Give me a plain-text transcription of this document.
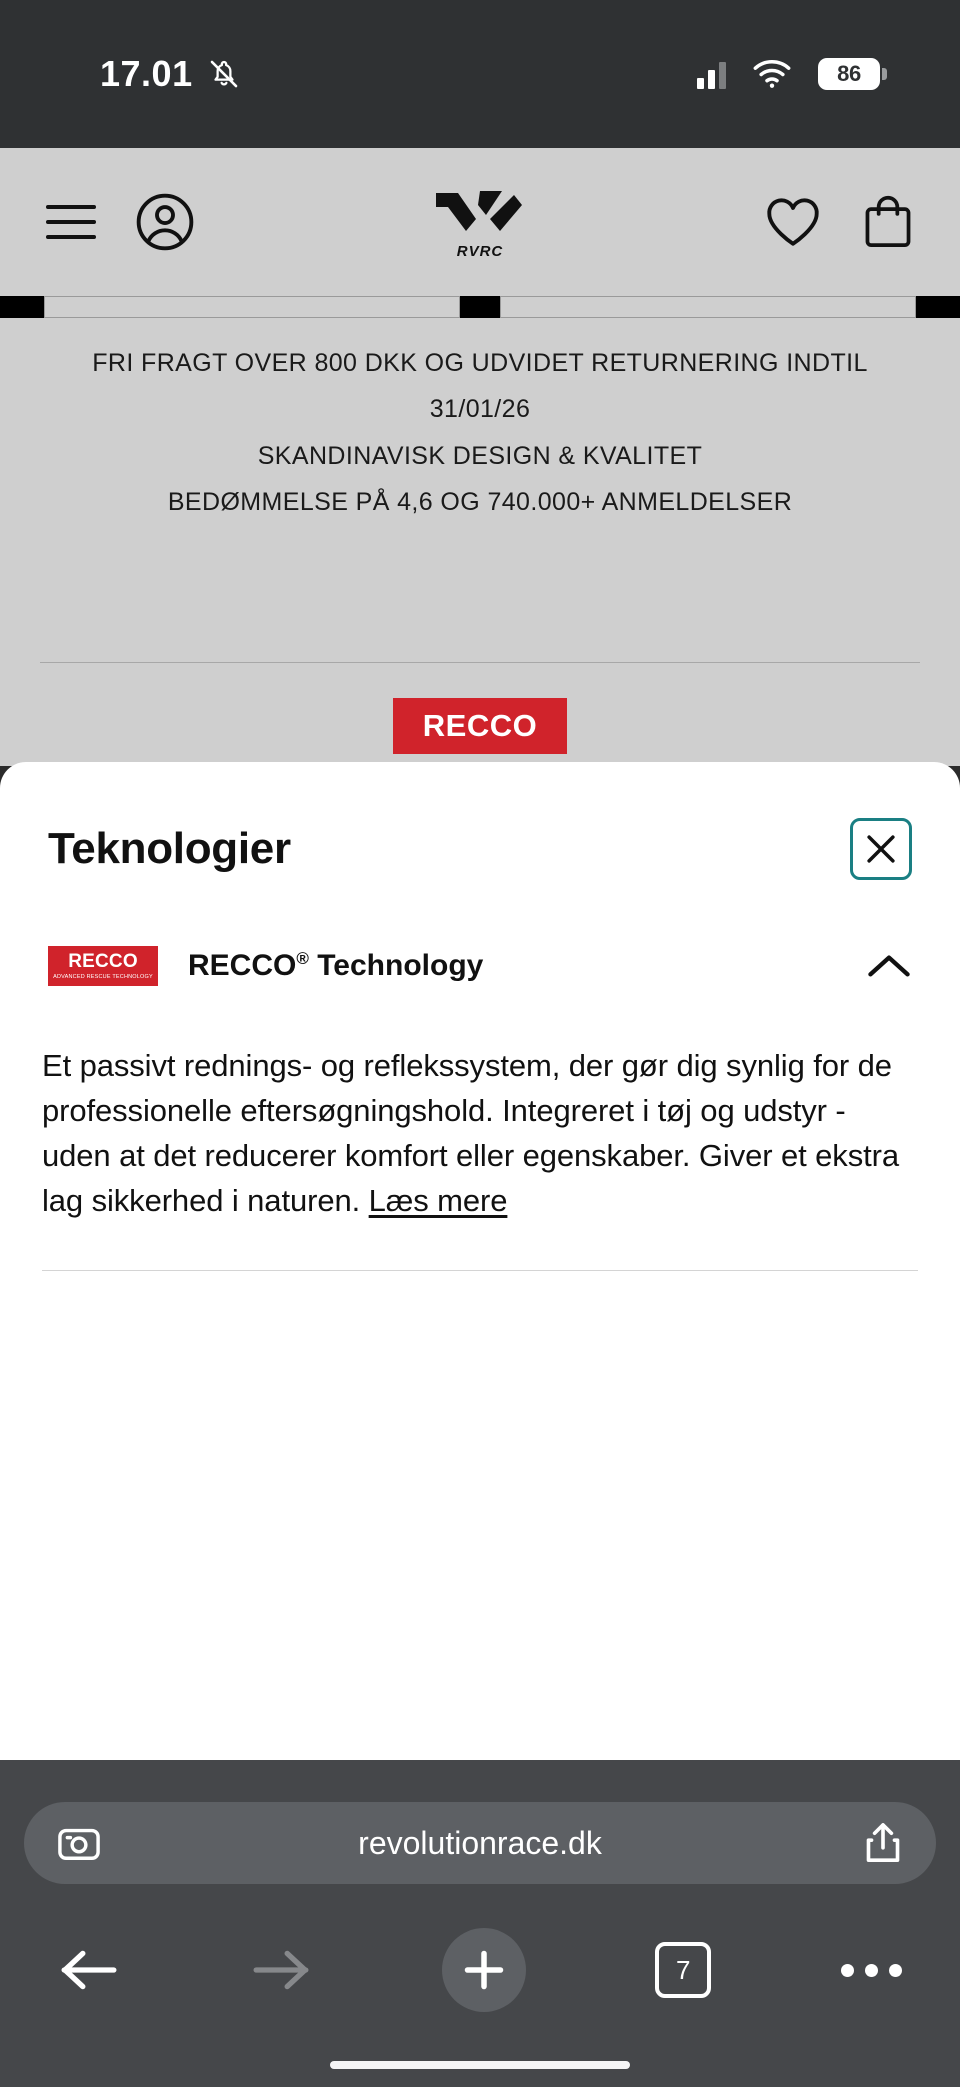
17.01	86
RVRC
FRI FRAGT OVER 800 DKK OG UDVIDET RETURNERING INDTIL
31/01/26
SKANDINAVISK DESIGN & KVALITET
BEDØMMELSE PÅ 4,6 OG 740.000+ ANMELDELSER
RECCO
Teknologier
RECCO
ADVANCED RESCUE TECHNOLOGY RECCO® Technology
Et passivt rednings- og reflekssystem, der gør dig synlig for de professionelle eftersøgningshold. Integreret i tøj og udstyr - uden at det reducerer komfort eller egenskaber. Giver et ekstra lag sikkerhed i naturen. Læs mere
revolutionrace.dk
7
